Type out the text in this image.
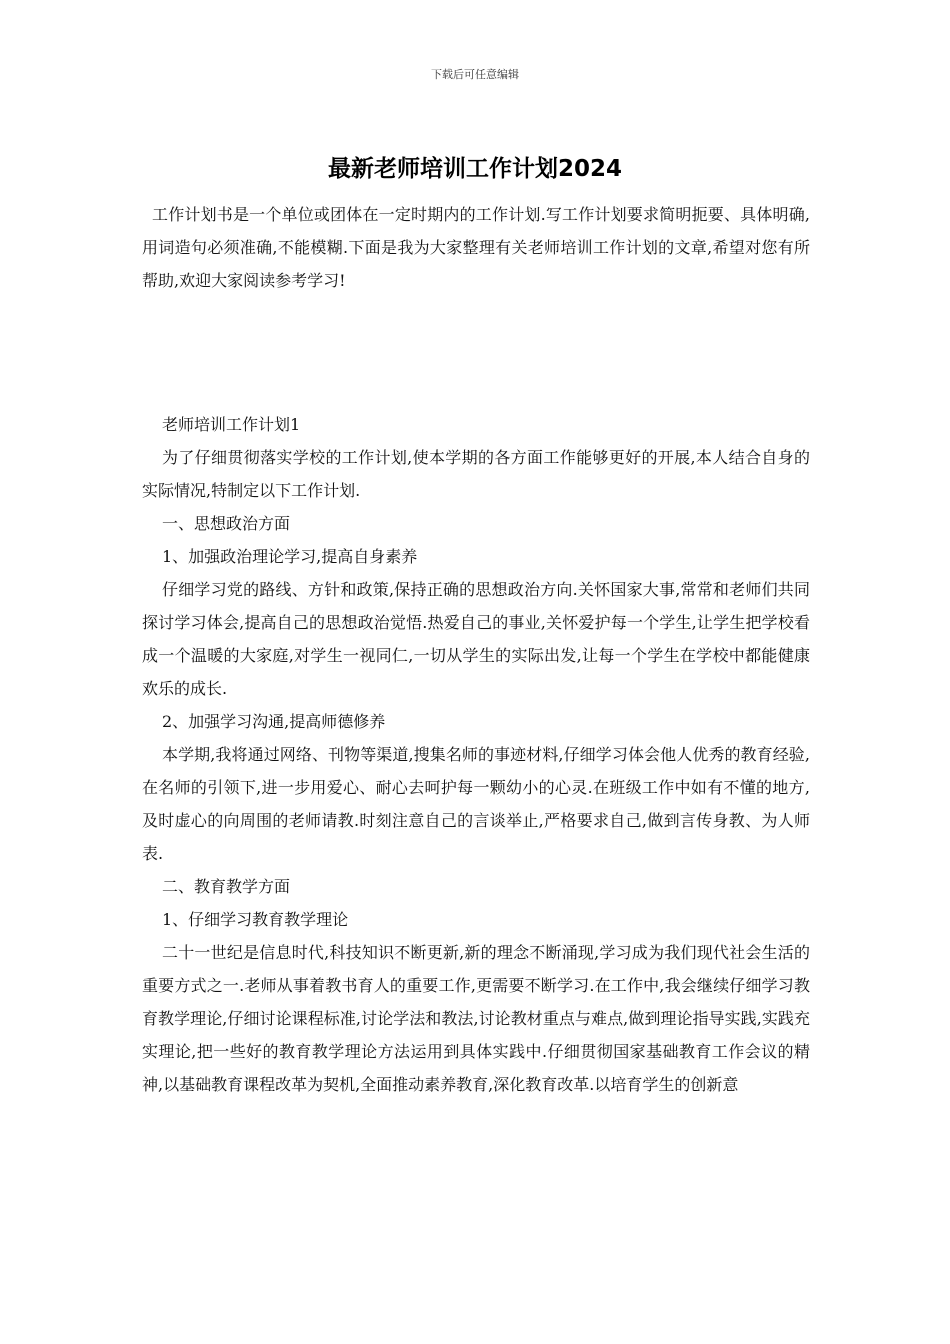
下载后可任意编辑
最新老师培训工作计划2024
工作计划书是一个单位或团体在一定时期内的工作计划.写工作计划要求简明扼要、具体明确,用词造句必须准确,不能模糊.下面是我为大家整理有关老师培训工作计划的文章,希望对您有所帮助,欢迎大家阅读参考学习!

老师培训工作计划1

为了仔细贯彻落实学校的工作计划,使本学期的各方面工作能够更好的开展,本人结合自身的实际情况,特制定以下工作计划.

一、思想政治方面

1、加强政治理论学习,提高自身素养

仔细学习党的路线、方针和政策,保持正确的思想政治方向.关怀国家大事,常常和老师们共同探讨学习体会,提高自己的思想政治觉悟.热爱自己的事业,关怀爱护每一个学生,让学生把学校看成一个温暖的大家庭,对学生一视同仁,一切从学生的实际出发,让每一个学生在学校中都能健康欢乐的成长.

2、加强学习沟通,提高师德修养

本学期,我将通过网络、刊物等渠道,搜集名师的事迹材料,仔细学习体会他人优秀的教育经验,在名师的引领下,进一步用爱心、耐心去呵护每一颗幼小的心灵.在班级工作中如有不懂的地方,及时虚心的向周围的老师请教.时刻注意自己的言谈举止,严格要求自己,做到言传身教、为人师表.

二、教育教学方面

1、仔细学习教育教学理论

二十一世纪是信息时代,科技知识不断更新,新的理念不断涌现,学习成为我们现代社会生活的重要方式之一.老师从事着教书育人的重要工作,更需要不断学习.在工作中,我会继续仔细学习教育教学理论,仔细讨论课程标准,讨论学法和教法,讨论教材重点与难点,做到理论指导实践,实践充实理论,把一些好的教育教学理论方法运用到具体实践中.仔细贯彻国家基础教育工作会议的精神,以基础教育课程改革为契机,全面推动素养教育,深化教育改革.以培育学生的创新意
